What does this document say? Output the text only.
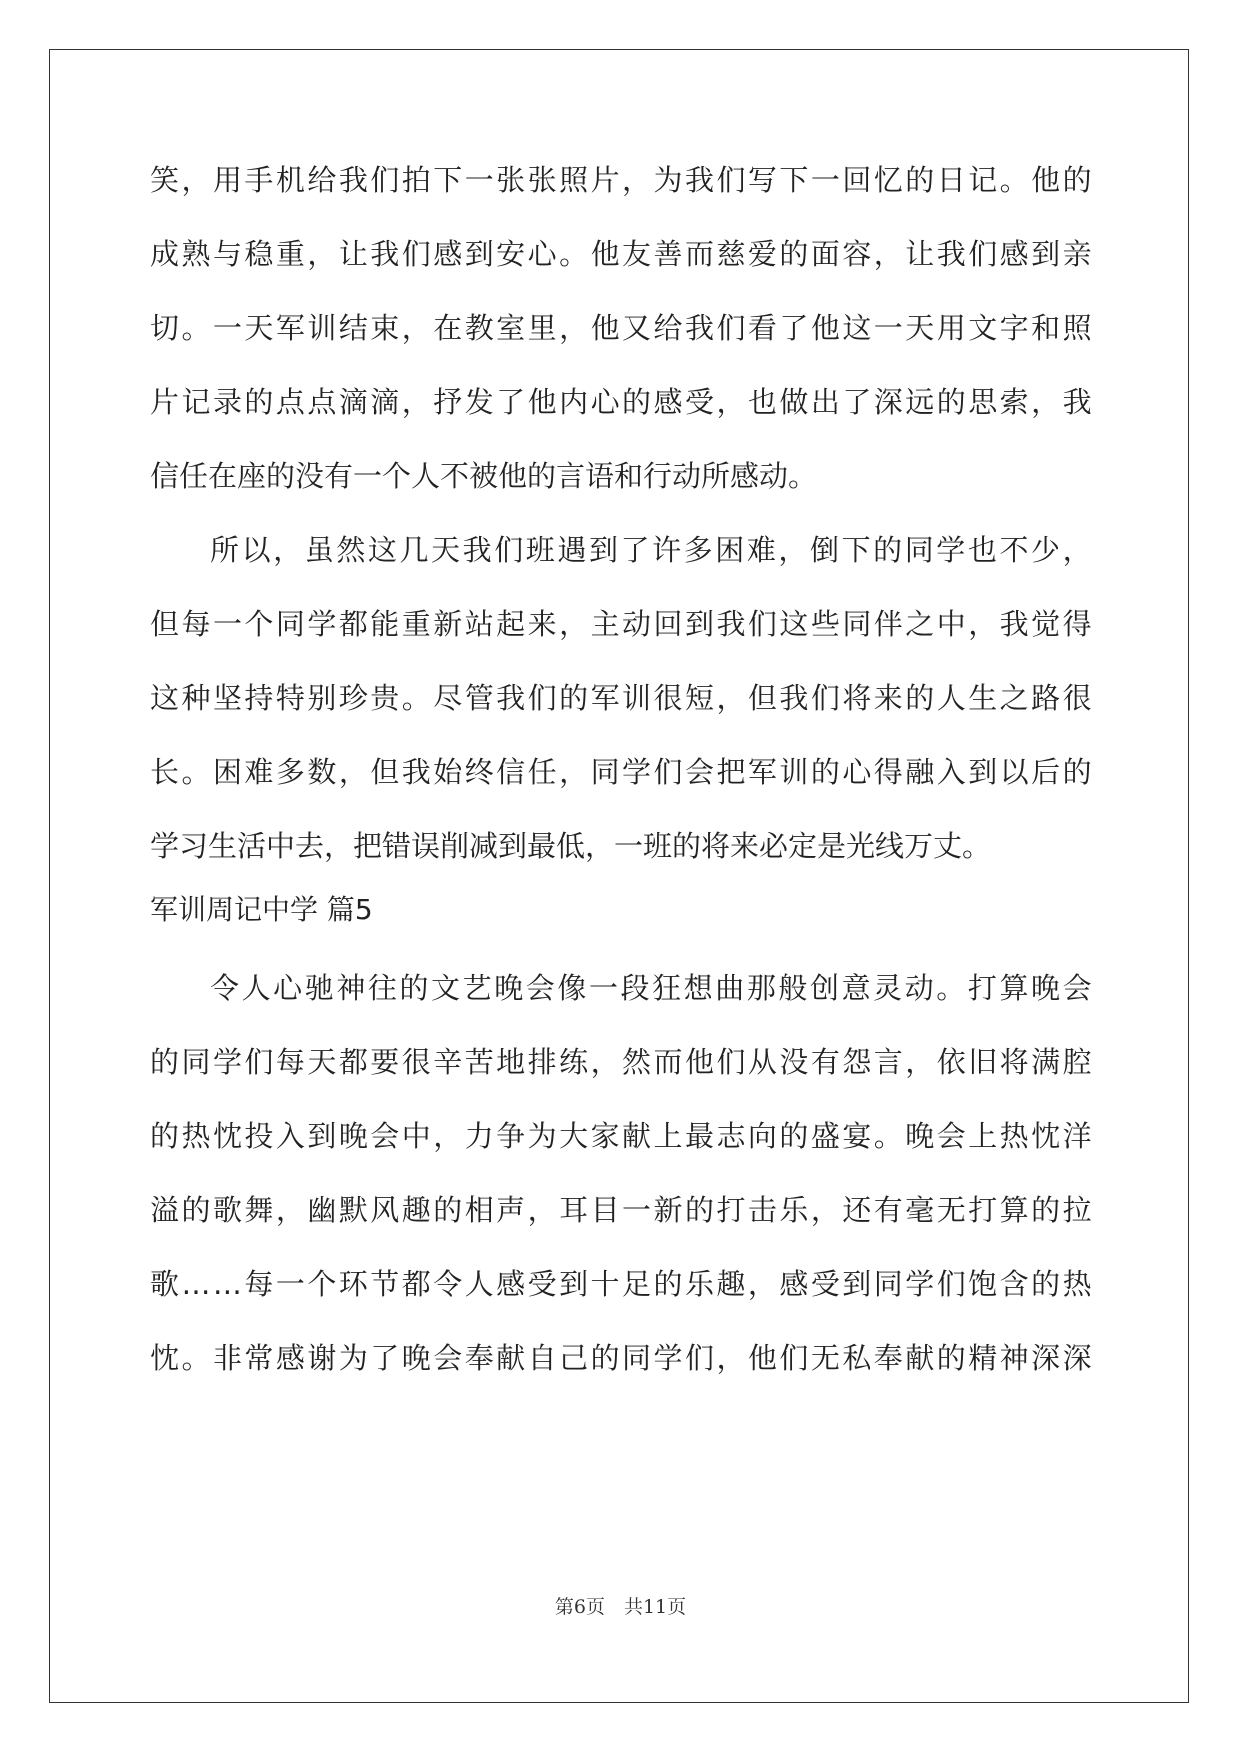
笑 ， 用 手 机 给 我 们 拍 下 一 张 张 照 片 ， 为 我 们 写 下 一 回 忆 的 日 记 。 他 的
成 熟 与 稳 重 ， 让 我 们 感 到 安 心 。 他 友 善 而 慈 爱 的 面 容 ， 让 我 们 感 到 亲
切 。 一 天 军 训 结 束 ， 在 教 室 里 ， 他 又 给 我 们 看 了 他 这 一 天 用 文 字 和 照
片 记 录 的 点 点 滴 滴 ， 抒 发 了 他 内 心 的 感 受 ， 也 做 出 了 深 远 的 思 索 ， 我
信任在座的没有一个人不被他的言语和行动所感动。
所 以 ， 虽 然 这 几 天 我 们 班 遇 到 了 许 多 困 难 ， 倒 下 的 同 学 也 不 少 ，
但 每 一 个 同 学 都 能 重 新 站 起 来 ， 主 动 回 到 我 们 这 些 同 伴 之 中 ， 我 觉 得
这 种 坚 持 特 别 珍 贵 。 尽 管 我 们 的 军 训 很 短 ， 但 我 们 将 来 的 人 生 之 路 很
长 。 困 难 多 数 ， 但 我 始 终 信 任 ， 同 学 们 会 把 军 训 的 心 得 融 入 到 以 后 的
学习生活中去，把错误削减到最低，一班的将来必定是光线万丈。
军训周记中学 篇5
令 人 心 驰 神 往 的 文 艺 晚 会 像 一 段 狂 想 曲 那 般 创 意 灵 动 。 打 算 晚 会
的 同 学 们 每 天 都 要 很 辛 苦 地 排 练 ， 然 而 他 们 从 没 有 怨 言 ， 依 旧 将 满 腔
的 热 忱 投 入 到 晚 会 中 ， 力 争 为 大 家 献 上 最 志 向 的 盛 宴 。 晚 会 上 热 忱 洋
溢 的 歌 舞 ， 幽 默 风 趣 的 相 声 ， 耳 目 一 新 的 打 击 乐 ， 还 有 毫 无 打 算 的 拉
歌 … … 每 一 个 环 节 都 令 人 感 受 到 十 足 的 乐 趣 ， 感 受 到 同 学 们 饱 含 的 热
忱 。 非 常 感 谢 为 了 晚 会 奉 献 自 己 的 同 学 们 ， 他 们 无 私 奉 献 的 精 神 深 深
第6页　共11页
